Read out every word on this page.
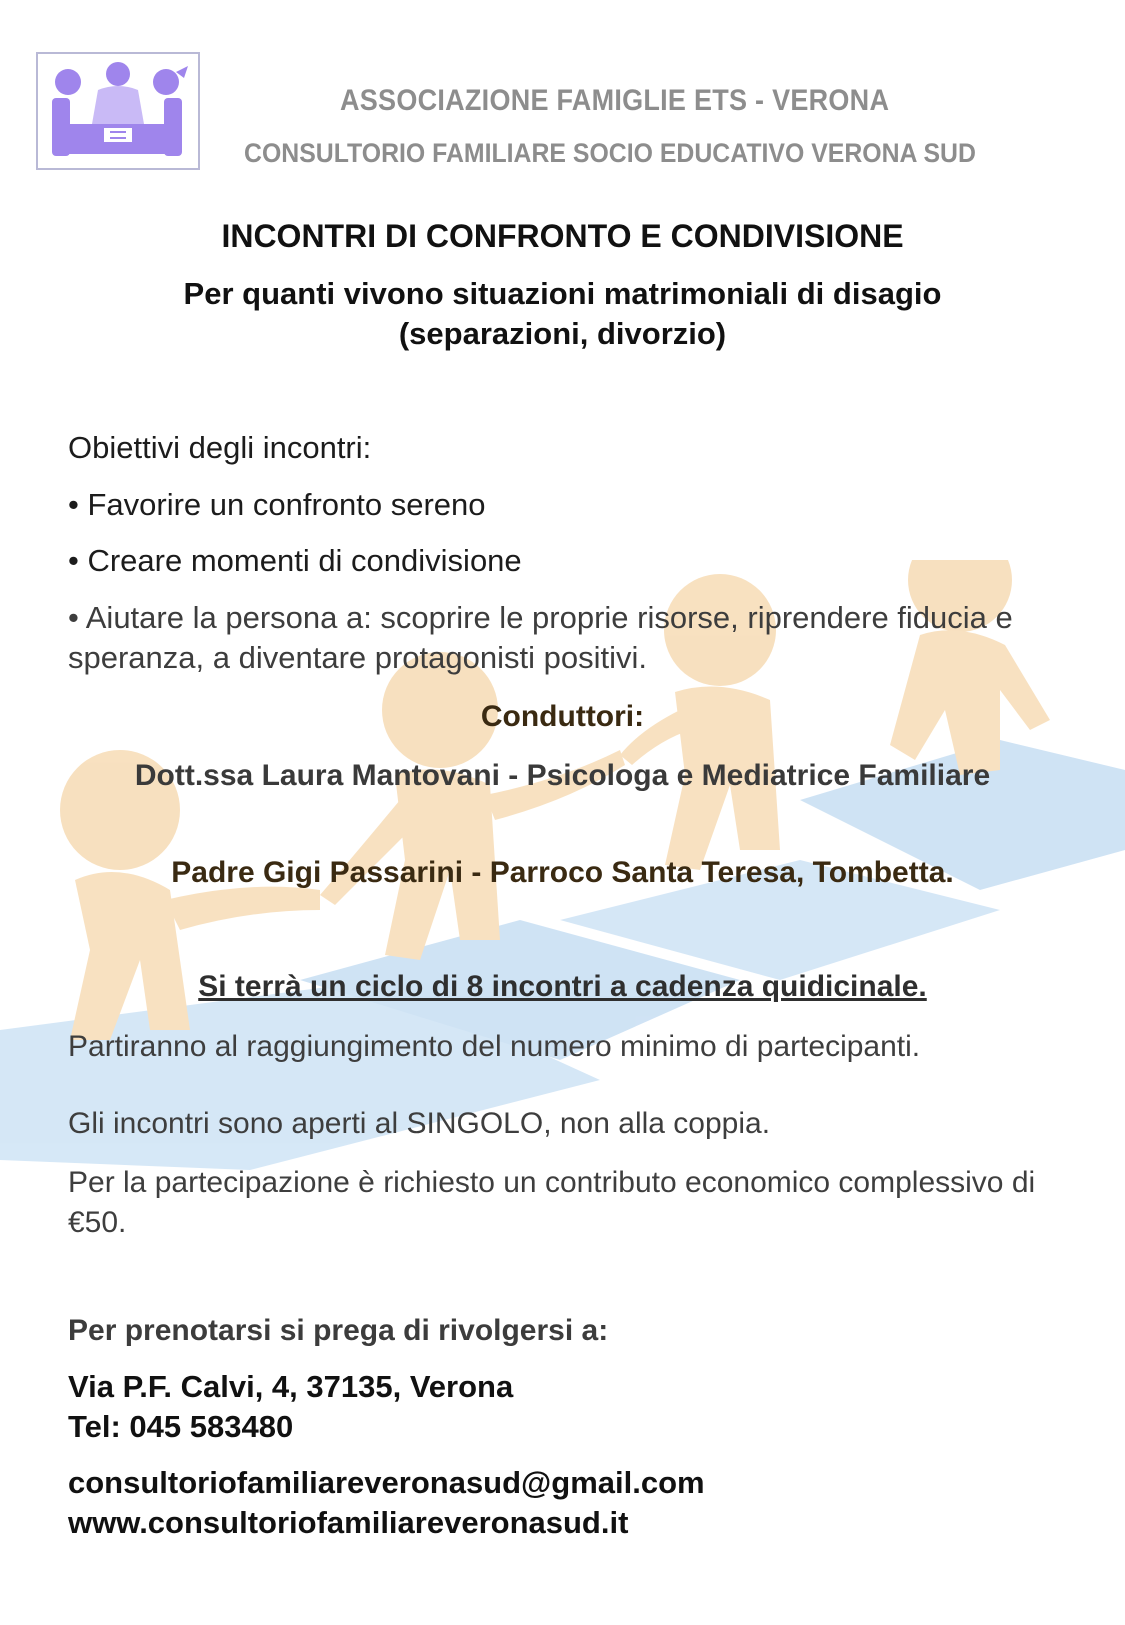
ASSOCIAZIONE FAMIGLIE ETS - VERONA
CONSULTORIO FAMILIARE SOCIO EDUCATIVO VERONA SUD
INCONTRI DI CONFRONTO E CONDIVISIONE
Per quanti vivono situazioni matrimoniali di disagio
(separazioni, divorzio)
Obiettivi degli incontri:
• Favorire un confronto sereno
• Creare momenti di condivisione
• Aiutare la persona a: scoprire le proprie risorse, riprendere fiducia e speranza, a diventare protagonisti positivi.
Conduttori:
Dott.ssa Laura Mantovani - Psicologa e Mediatrice Familiare
Padre Gigi Passarini - Parroco Santa Teresa, Tombetta.
Si terrà un ciclo di 8 incontri a cadenza quidicinale.
Partiranno al raggiungimento del numero minimo di partecipanti.
Gli incontri sono aperti al SINGOLO, non alla coppia.
Per la partecipazione è richiesto un contributo economico complessivo di €50.
Per prenotarsi si prega di rivolgersi a:
Via P.F. Calvi, 4, 37135, Verona
Tel: 045 583480
consultoriofamiliareveronasud@gmail.com
www.consultoriofamiliareveronasud.it
